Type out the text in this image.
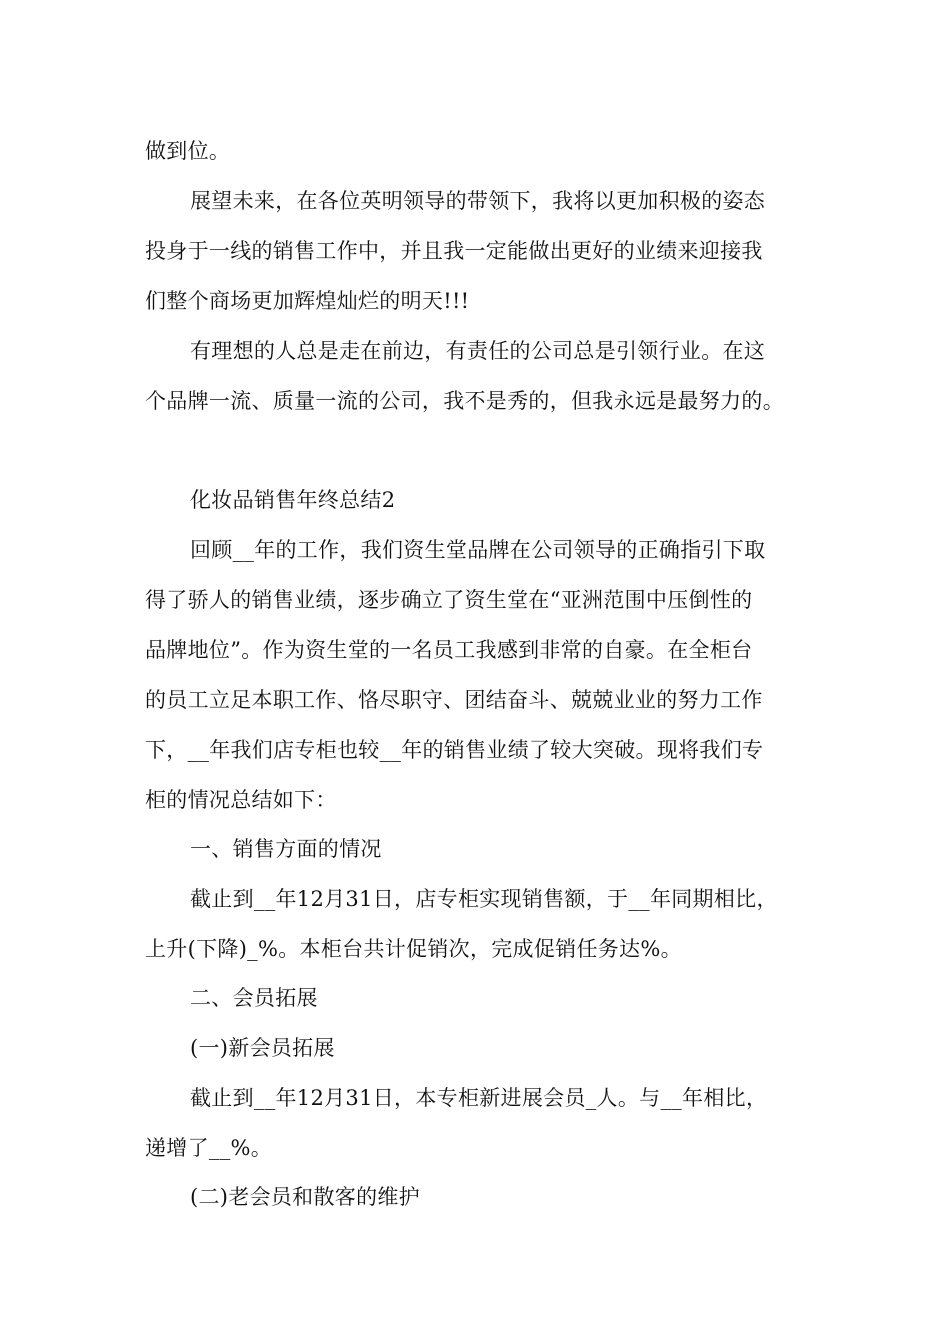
做到位。
展望未来，在各位英明领导的带领下，我将以更加积极的姿态
投身于一线的销售工作中，并且我一定能做出更好的业绩来迎接我
们整个商场更加辉煌灿烂的明天!!!
有理想的人总是走在前边，有责任的公司总是引领行业。在这
个品牌一流、质量一流的公司，我不是秀的，但我永远是最努力的。
化妆品销售年终总结2
回顾__年的工作，我们资生堂品牌在公司领导的正确指引下取
得了骄人的销售业绩，逐步确立了资生堂在“亚洲范围中压倒性的
品牌地位”。作为资生堂的一名员工我感到非常的自豪。在全柜台
的员工立足本职工作、恪尽职守、团结奋斗、兢兢业业的努力工作
下，__年我们店专柜也较__年的销售业绩了较大突破。现将我们专
柜的情况总结如下：
一、销售方面的情况
截止到__年12月31日，店专柜实现销售额，于__年同期相比，
上升(下降)_%。本柜台共计促销次，完成促销任务达%。
二、会员拓展
(一)新会员拓展
截止到__年12月31日，本专柜新进展会员_人。与__年相比，
递增了__%。
(二)老会员和散客的维护
